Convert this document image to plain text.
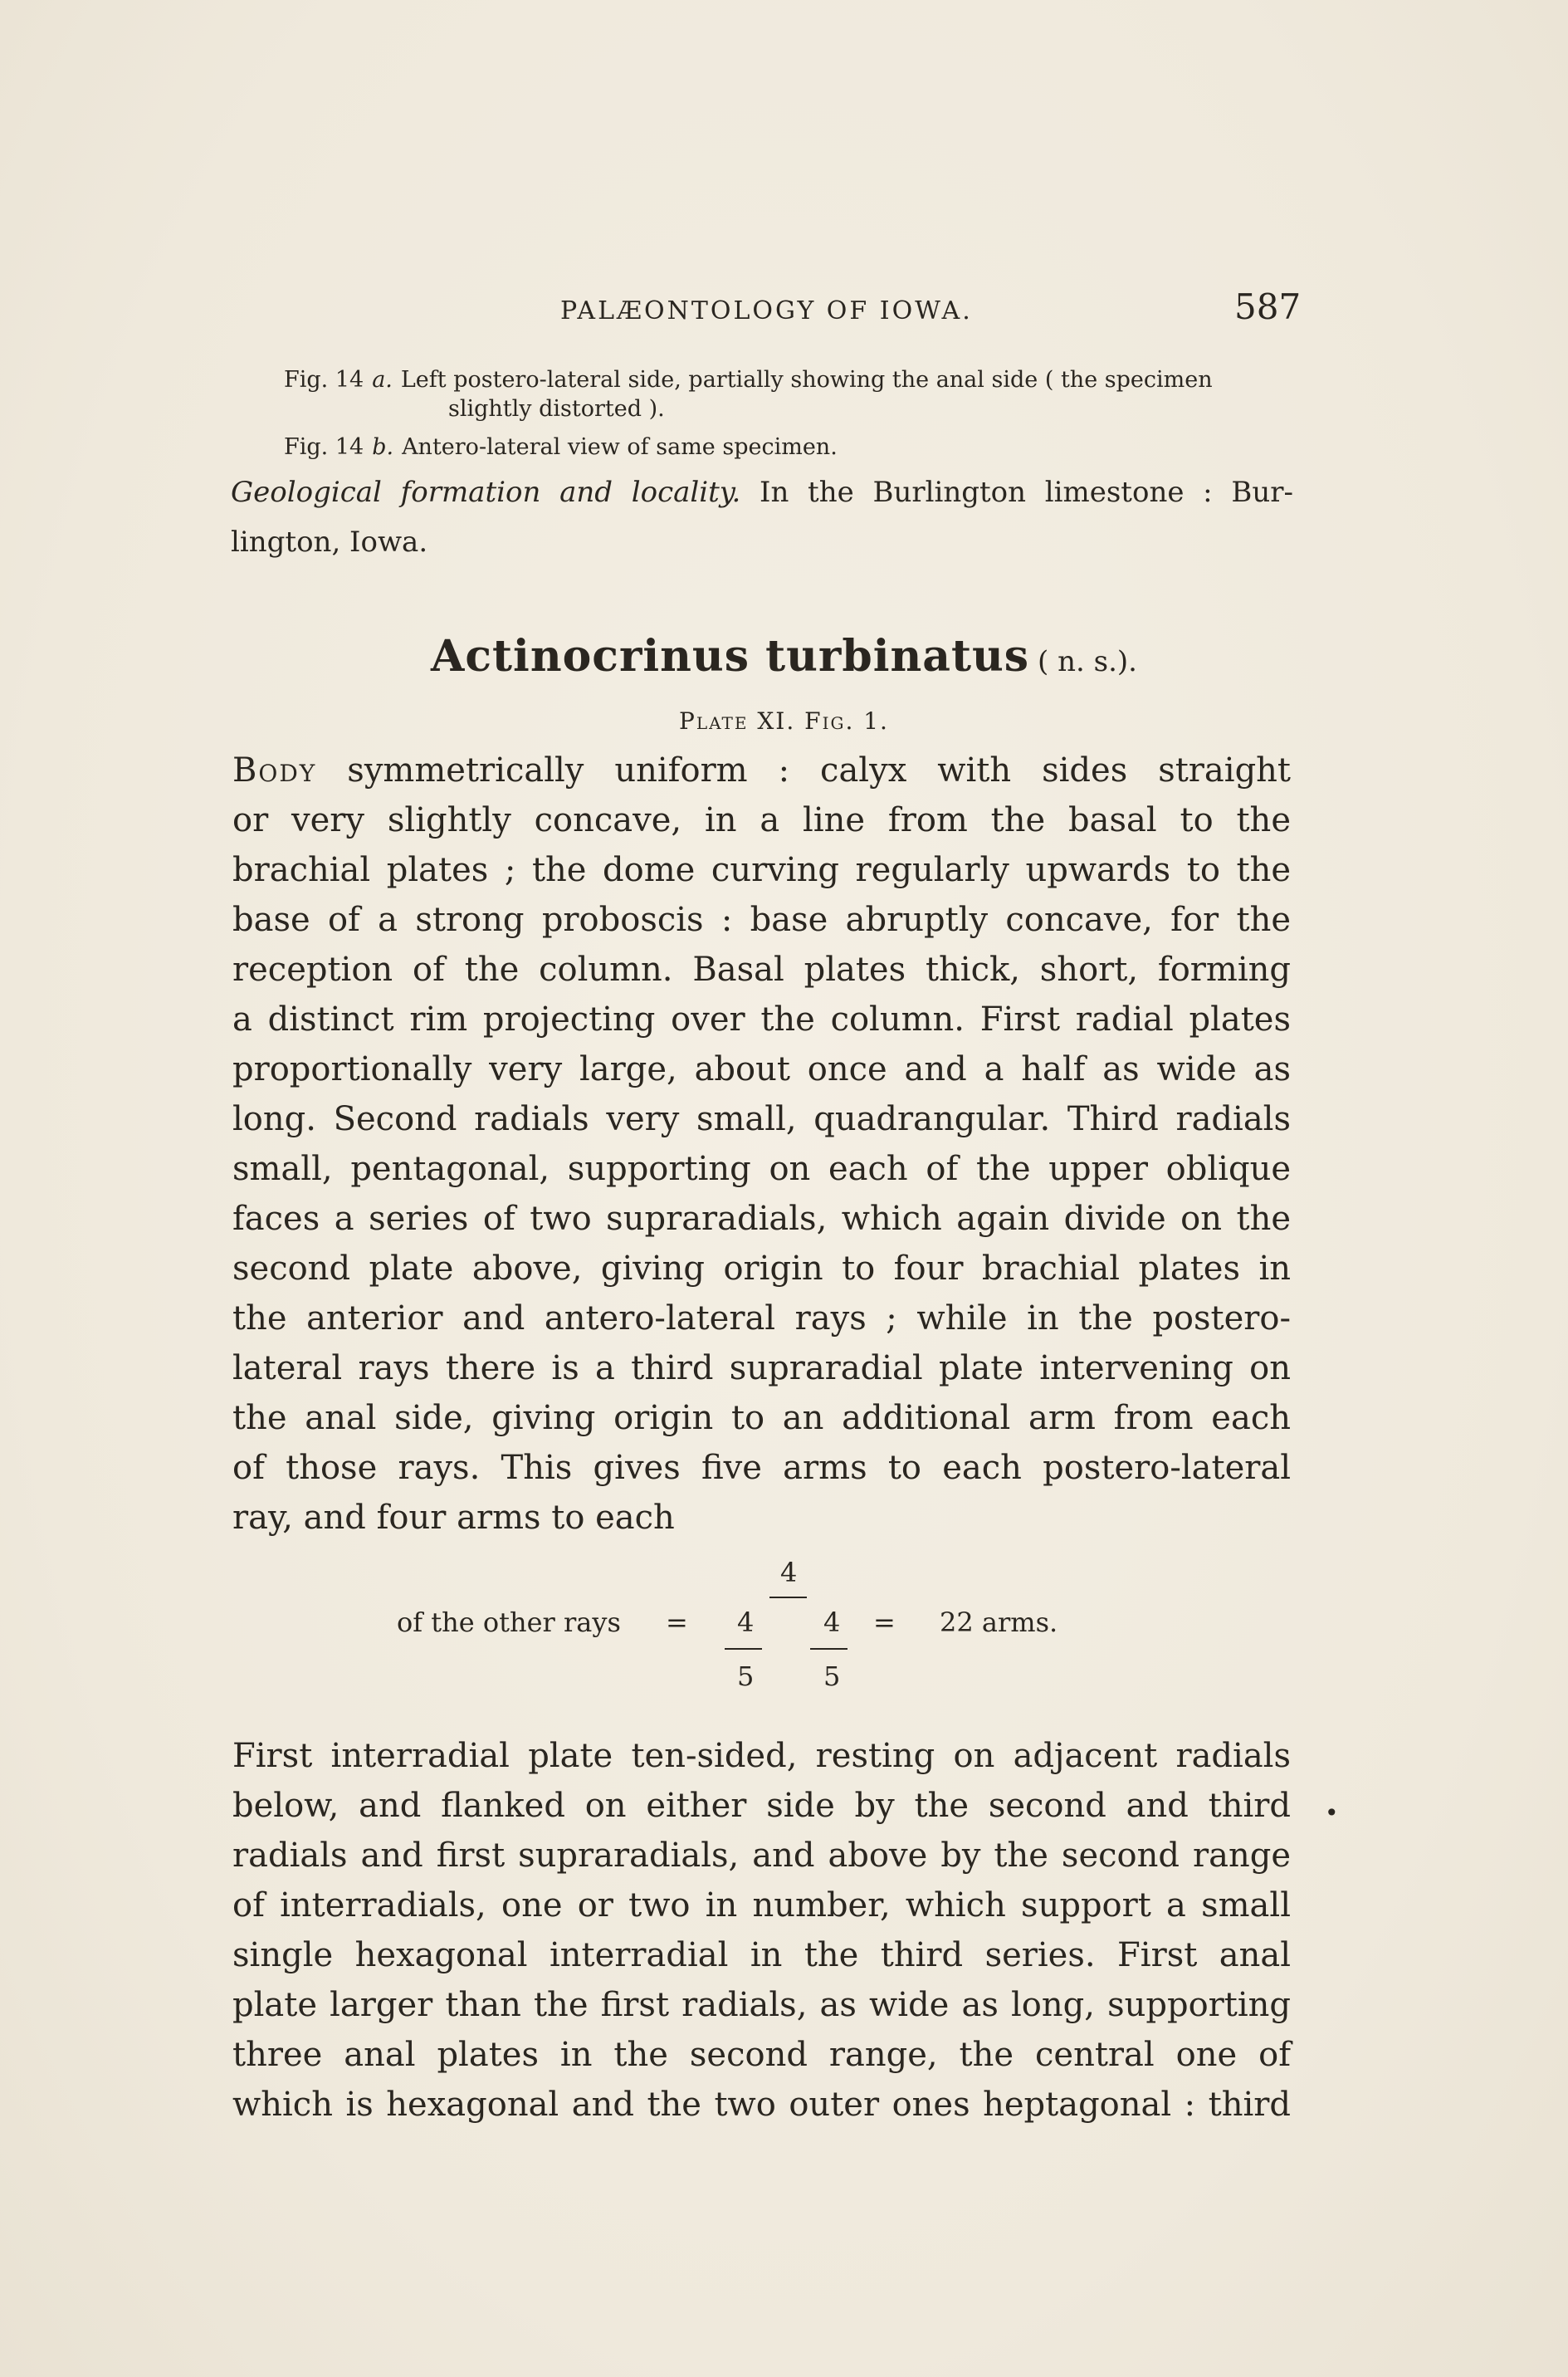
PALÆONTOLOGY OF IOWA.	587
Fig. 14 a. Left postero-lateral side, partially showing the anal side ( the specimen
slightly distorted ).
Fig. 14 b. Antero-lateral view of same specimen.
Geological formation and locality. In the Burlington limestone : Bur-
lington, Iowa.
Actinocrinus turbinatus ( n. s.).
Plate XI. Fig. 1.
Body symmetrically uniform : calyx with sides straight
or very slightly concave, in a line from the basal to the
brachial plates ; the dome curving regularly upwards to the
base of a strong proboscis : base abruptly concave, for the
reception of the column. Basal plates thick, short, forming
a distinct rim projecting over the column. First radial plates
proportionally very large, about once and a half as wide as
long. Second radials very small, quadrangular. Third radials
small, pentagonal, supporting on each of the upper oblique
faces a series of two supraradials, which again divide on the
second plate above, giving origin to four brachial plates in
the anterior and antero-lateral rays ; while in the postero-
lateral rays there is a third supraradial plate intervening on
the anal side, giving origin to an additional arm from each
of those rays. This gives five arms to each postero-lateral
ray, and four arms to each
4
of the other rays = 4	4 = 22 arms.
5	5
First interradial plate ten-sided, resting on adjacent radials
below, and flanked on either side by the second and third
radials and first supraradials, and above by the second range
of interradials, one or two in number, which support a small
single hexagonal interradial in the third series. First anal
plate larger than the first radials, as wide as long, supporting
three anal plates in the second range, the central one of
which is hexagonal and the two outer ones heptagonal : third
•
